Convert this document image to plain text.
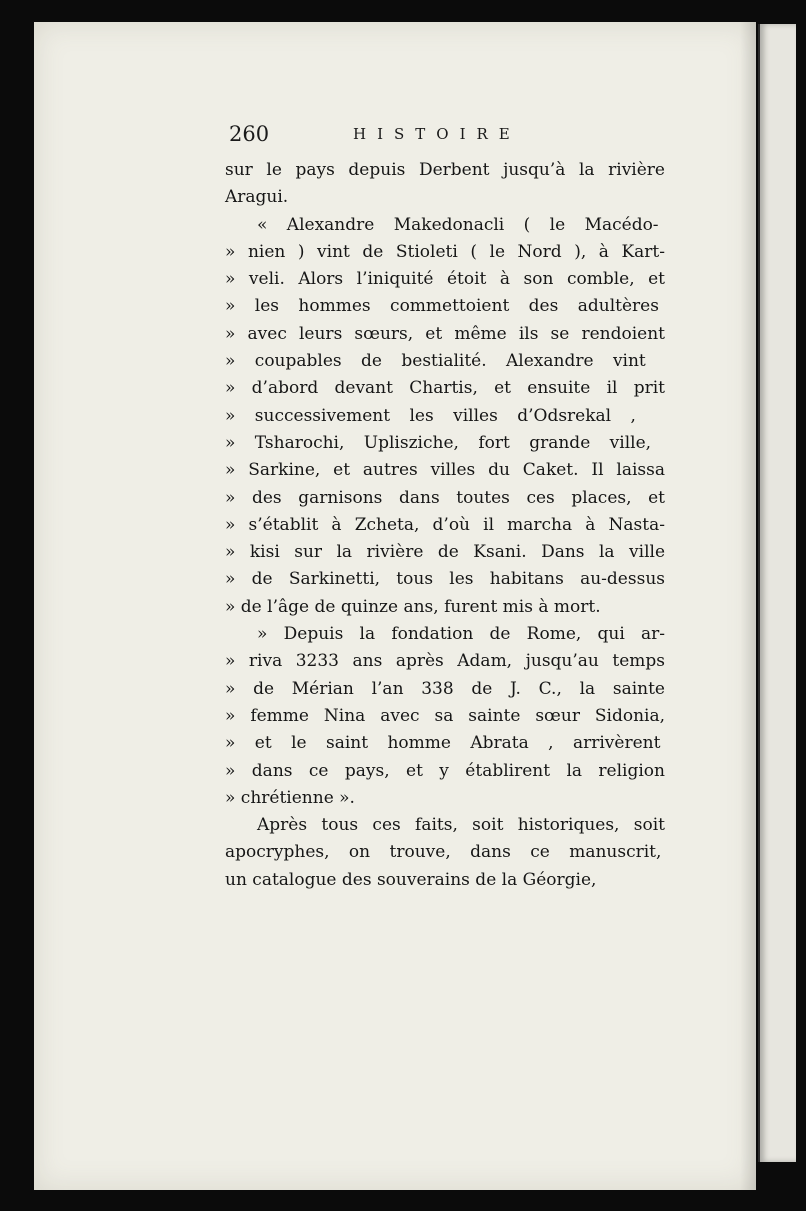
260	HISTOIRE
sur le pays depuis Derbent jusqu’à la rivière
Aragui.
« Alexandre Makedonacli ( le Macédo-
» nien ) vint de Stioleti ( le Nord ), à Kart-
» veli. Alors l’iniquité étoit à son comble, et
» les hommes commettoient des adultères
» avec leurs sœurs, et même ils se rendoient
» coupables de bestialité. Alexandre vint
» d’abord devant Chartis, et ensuite il prit
» successivement les villes d’Odsrekal ,
» Tsharochi, Uplisziche, fort grande ville,
» Sarkine, et autres villes du Caket. Il laissa
» des garnisons dans toutes ces places, et
» s’établit à Zcheta, d’où il marcha à Nasta-
» kisi sur la rivière de Ksani. Dans la ville
» de Sarkinetti, tous les habitans au-dessus
» de l’âge de quinze ans, furent mis à mort.
» Depuis la fondation de Rome, qui ar-
» riva 3233 ans après Adam, jusqu’au temps
» de Mérian l’an 338 de J. C., la sainte
» femme Nina avec sa sainte sœur Sidonia,
» et le saint homme Abrata , arrivèrent
» dans ce pays, et y établirent la religion
» chrétienne ».
Après tous ces faits, soit historiques, soit
apocryphes, on trouve, dans ce manuscrit,
un catalogue des souverains de la Géorgie,
